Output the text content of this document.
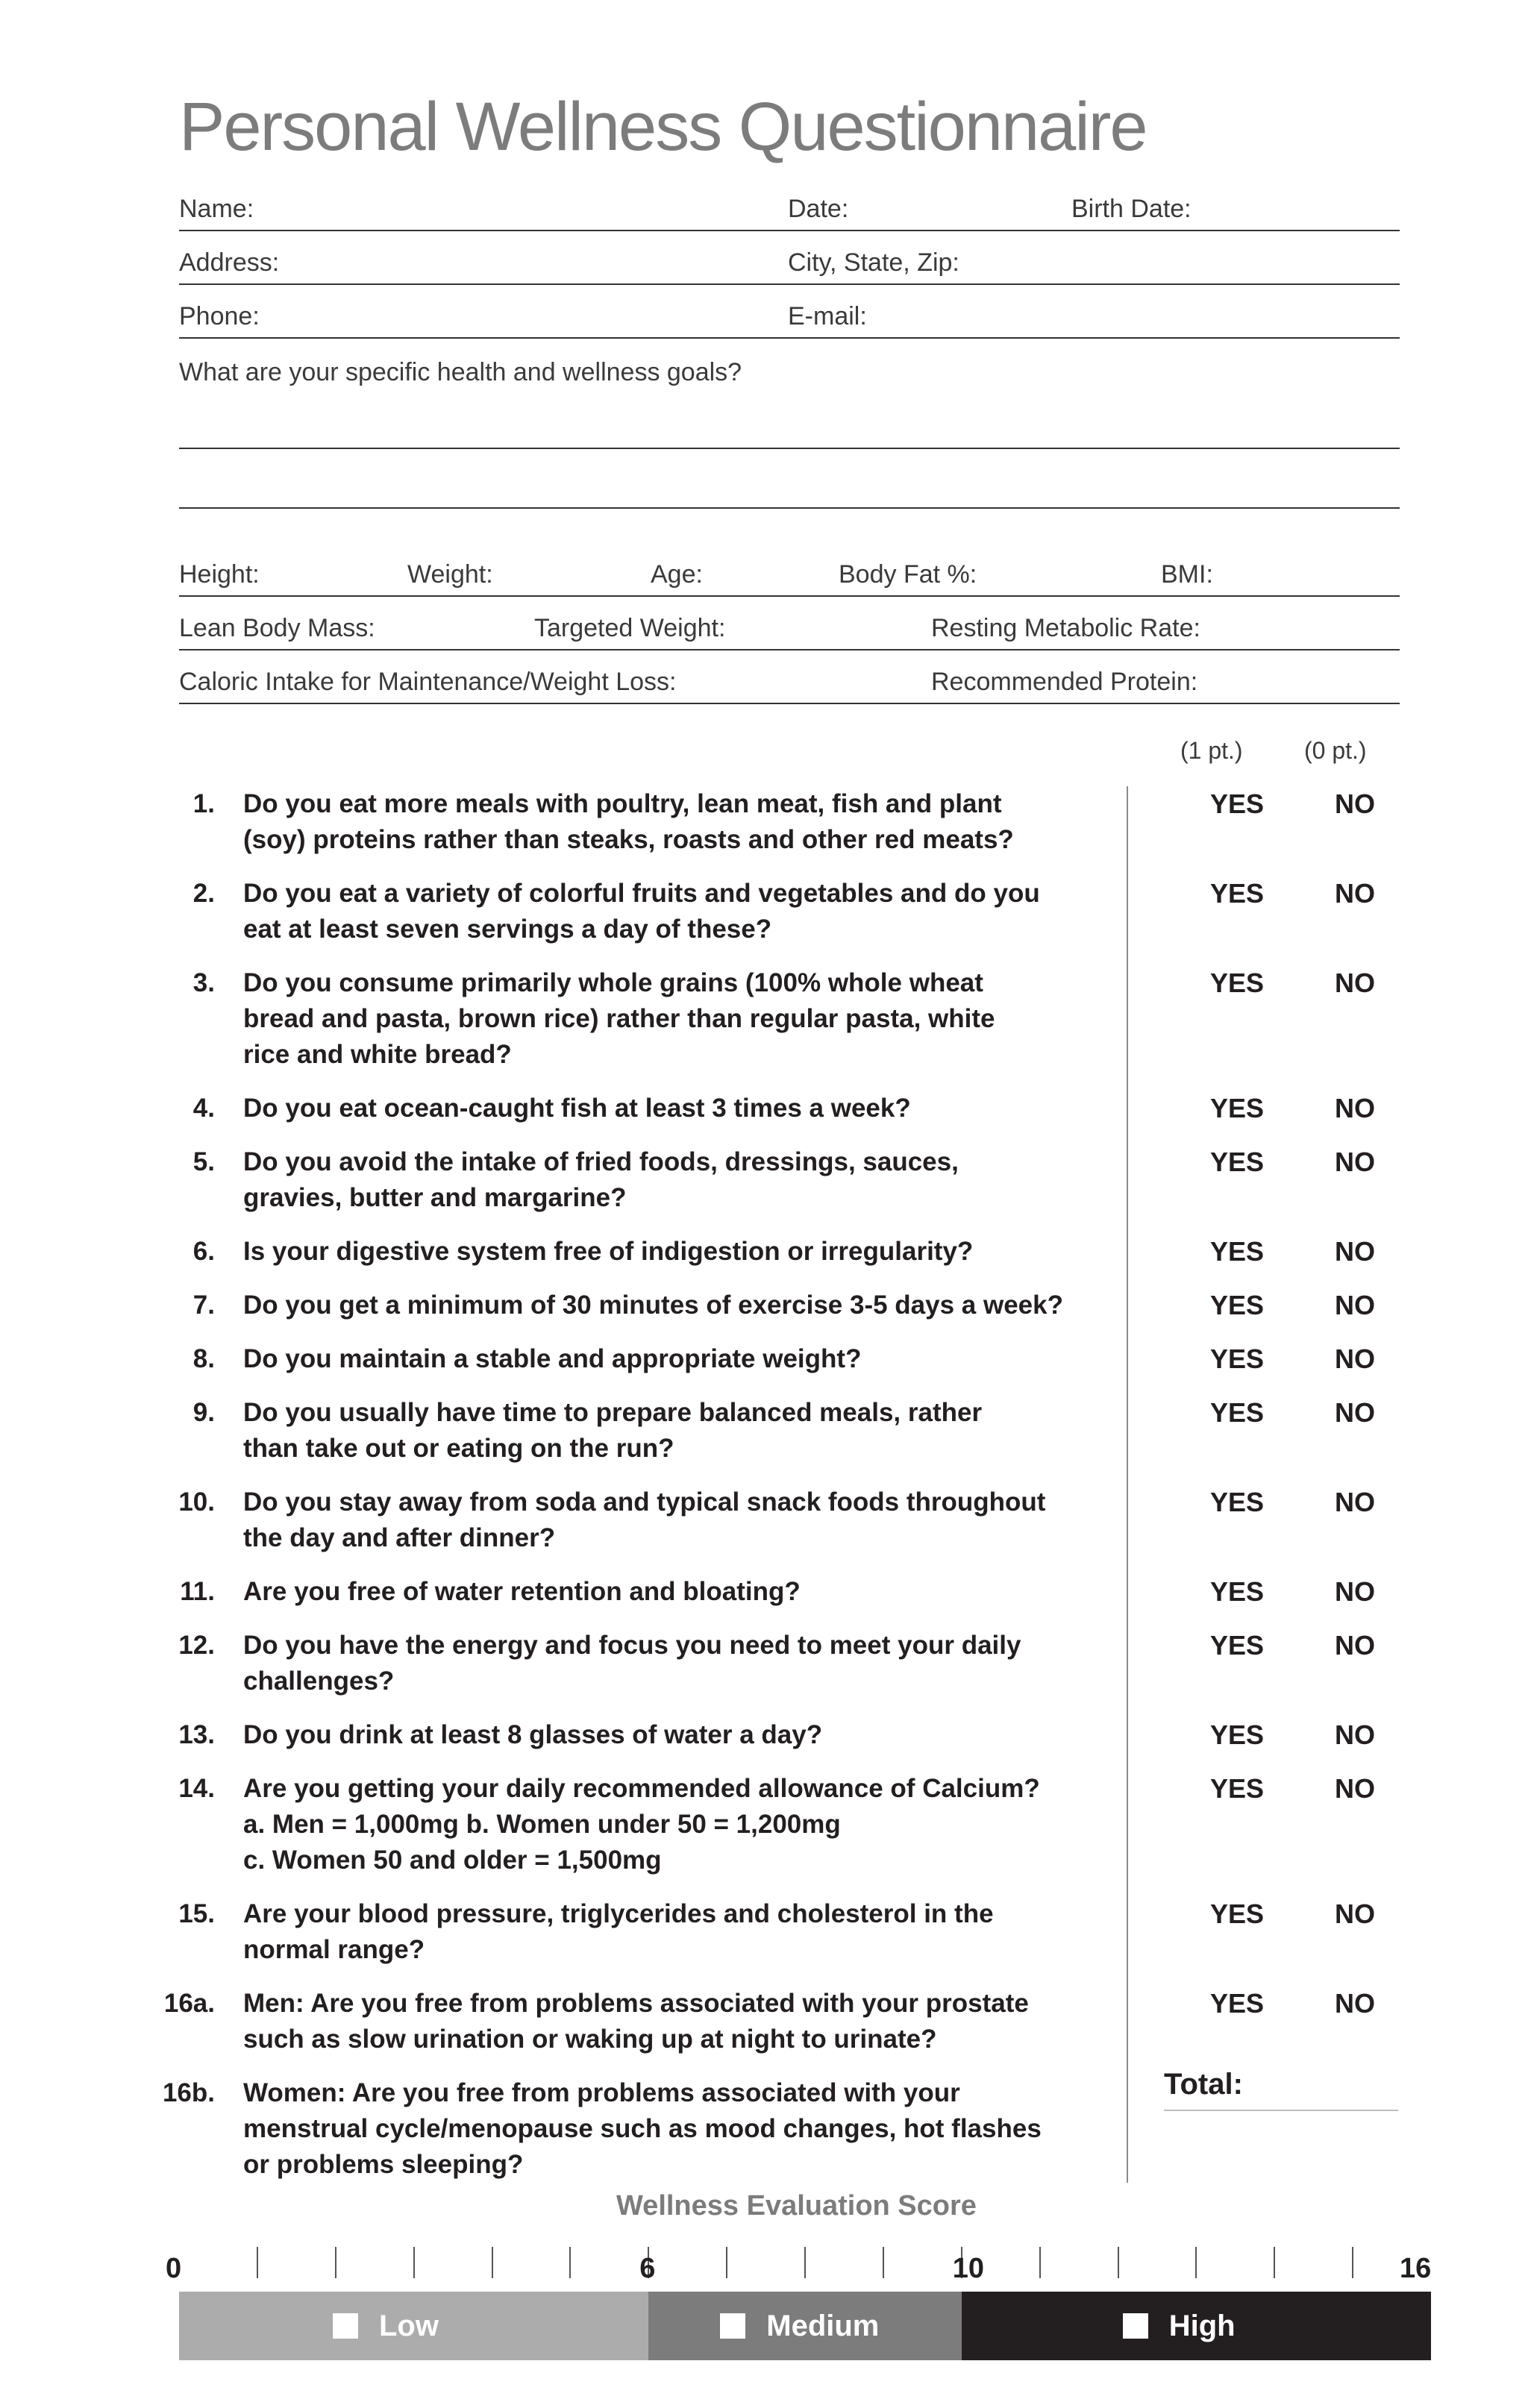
Personal Wellness Questionnaire
Name:	Date:	Birth Date:
Address:	City, State, Zip:
Phone:	E-mail:
What are your specific health and wellness goals?
Height:	Weight:	Age:	Body Fat %:	BMI:
Lean Body Mass:	Targeted Weight:	Resting Metabolic Rate:
Caloric Intake for Maintenance/Weight Loss:	Recommended Protein:
(1 pt.)	(0 pt.)
1. Do you eat more meals with poultry, lean meat, fish and plant
(soy) proteins rather than steaks, roasts and other red meats?
YES	NO
2. Do you eat a variety of colorful fruits and vegetables and do you
eat at least seven servings a day of these?
YES	NO
3. Do you consume primarily whole grains (100% whole wheat
bread and pasta, brown rice) rather than regular pasta, white
rice and white bread?
YES	NO
4. Do you eat ocean-caught fish at least 3 times a week?	YES	NO
5. Do you avoid the intake of fried foods, dressings, sauces,
gravies, butter and margarine?
YES	NO
6. Is your digestive system free of indigestion or irregularity?	YES	NO
7. Do you get a minimum of 30 minutes of exercise 3-5 days a week?	YES	NO
8. Do you maintain a stable and appropriate weight?	YES	NO
9. Do you usually have time to prepare balanced meals, rather
than take out or eating on the run?
YES	NO
10. Do you stay away from soda and typical snack foods throughout
the day and after dinner?
YES	NO
11. Are you free of water retention and bloating?	YES	NO
12. Do you have the energy and focus you need to meet your daily
challenges?
YES	NO
13. Do you drink at least 8 glasses of water a day?	YES	NO
14. Are you getting your daily recommended allowance of Calcium?
a. Men = 1,000mg b. Women under 50 = 1,200mg
c. Women 50 and older = 1,500mg
YES	NO
15. Are your blood pressure, triglycerides and cholesterol in the
normal range?
YES	NO
16a. Men: Are you free from problems associated with your prostate
such as slow urination or waking up at night to urinate?
YES	NO
16b. Women: Are you free from problems associated with your
menstrual cycle/menopause such as mood changes, hot flashes
or problems sleeping?
Total:
Wellness Evaluation Score
0	6	10	16
Low	Medium	High
